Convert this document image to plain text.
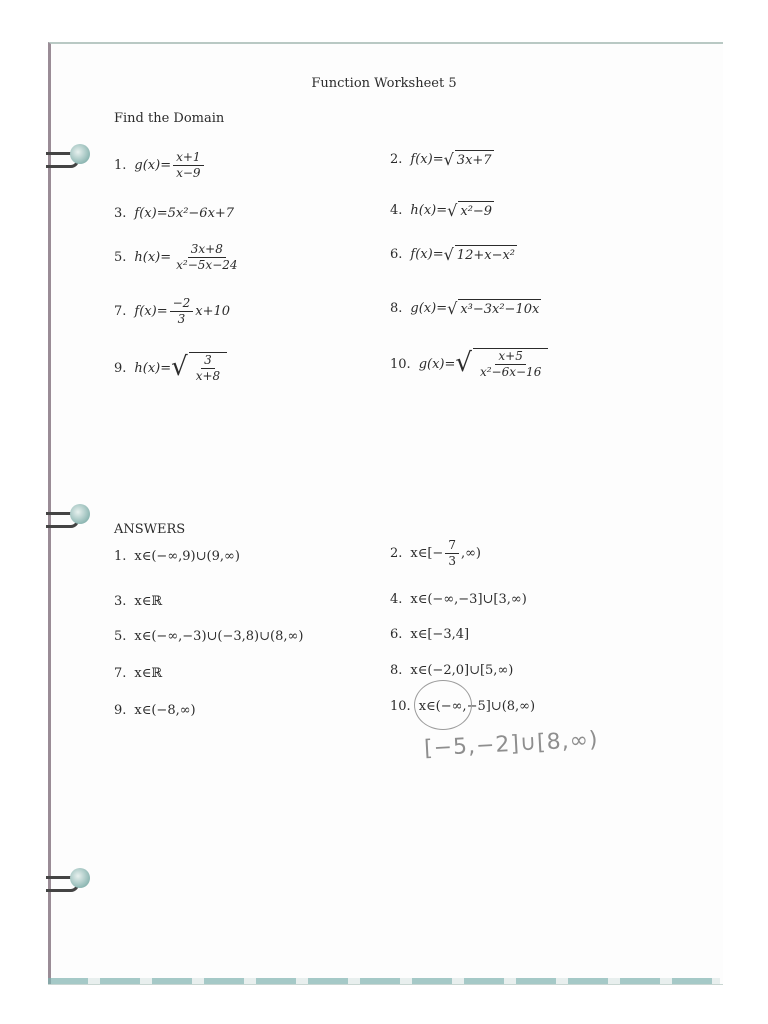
Function Worksheet 5
Find the Domain
1. $g(x)= \frac{x+1}{x-9}$	2. f(x)= √ 3x+7
3. f(x)=5x²−6x+7	4. h(x)= √ x²−9
5. $h(x)= \frac{3x+8}{\text{x²−5x−24}}$	6. f(x)= √ 12+x−x²
7. $f(x)= \frac{-2}{3} x+10$	8. g(x)= √ x³−3x²−10x
9. h(x)= √ $\frac{3}{x+8}$	10. g(x)= √ $\frac{x+5}{\text{x²−6x−16}}$
ANSWERS
1. x∈(−∞,9)∪(9,∞)	2. x∈[− $\frac{7}{3}$ ,∞)
3. x∈ℝ	4. x∈(−∞,−3]∪[3,∞)
5. x∈(−∞,−3)∪(−3,8)∪(8,∞)	6. x∈[−3,4]
7. x∈ℝ	8. x∈(−2,0]∪[5,∞)
9. x∈(−8,∞)	10. x∈(−∞,−5]∪(8,∞)
[−5,−2]∪[8,∞)
